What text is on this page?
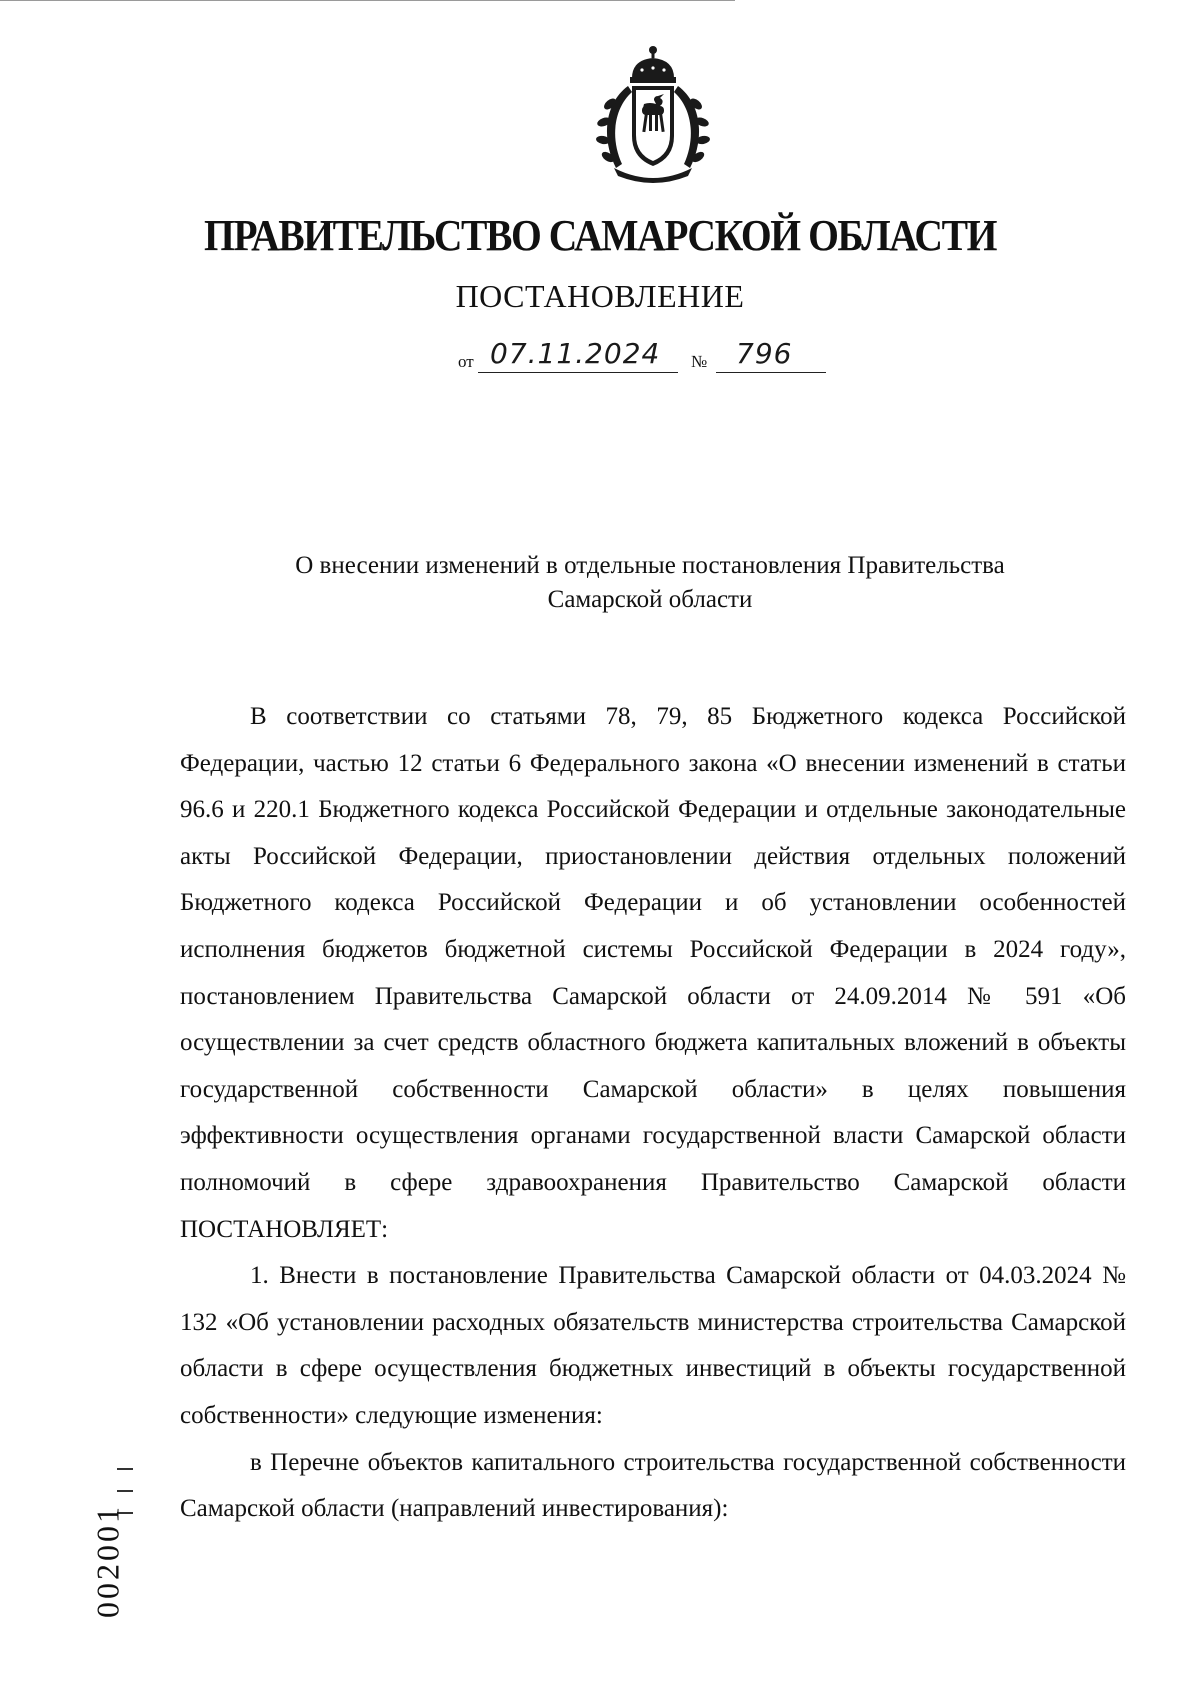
ПРАВИТЕЛЬСТВО САМАРСКОЙ ОБЛАСТИ
ПОСТАНОВЛЕНИЕ
от 07.11.2024 № 796
О внесении изменений в отдельные постановления Правительства
Самарской области

В соответствии со статьями 78, 79, 85 Бюджетного кодекса Российской Федерации, частью 12 статьи 6 Федерального закона «О внесении изменений в статьи 96.6 и 220.1 Бюджетного кодекса Российской Федерации и отдельные законодательные акты Российской Федерации, приостановлении действия отдельных положений Бюджетного кодекса Российской Федерации и об установлении особенностей исполнения бюджетов бюджетной системы Российской Федерации в 2024 году», постановлением Правительства Самарской области от 24.09.2014 № 591 «Об осуществлении за счет средств областного бюджета капитальных вложений в объекты государственной собственности Самарской области» в целях повышения эффективности осуществления органами государственной власти Самарской области полномочий в сфере здравоохранения Правительство Самарской области ПОСТАНОВЛЯЕТ:

1. Внести в постановление Правительства Самарской области от 04.03.2024 № 132 «Об установлении расходных обязательств министерства строительства Самарской области в сфере осуществления бюджетных инвестиций в объекты государственной собственности» следующие изменения:

в Перечне объектов капитального строительства государственной собственности Самарской области (направлений инвестирования):

002001
